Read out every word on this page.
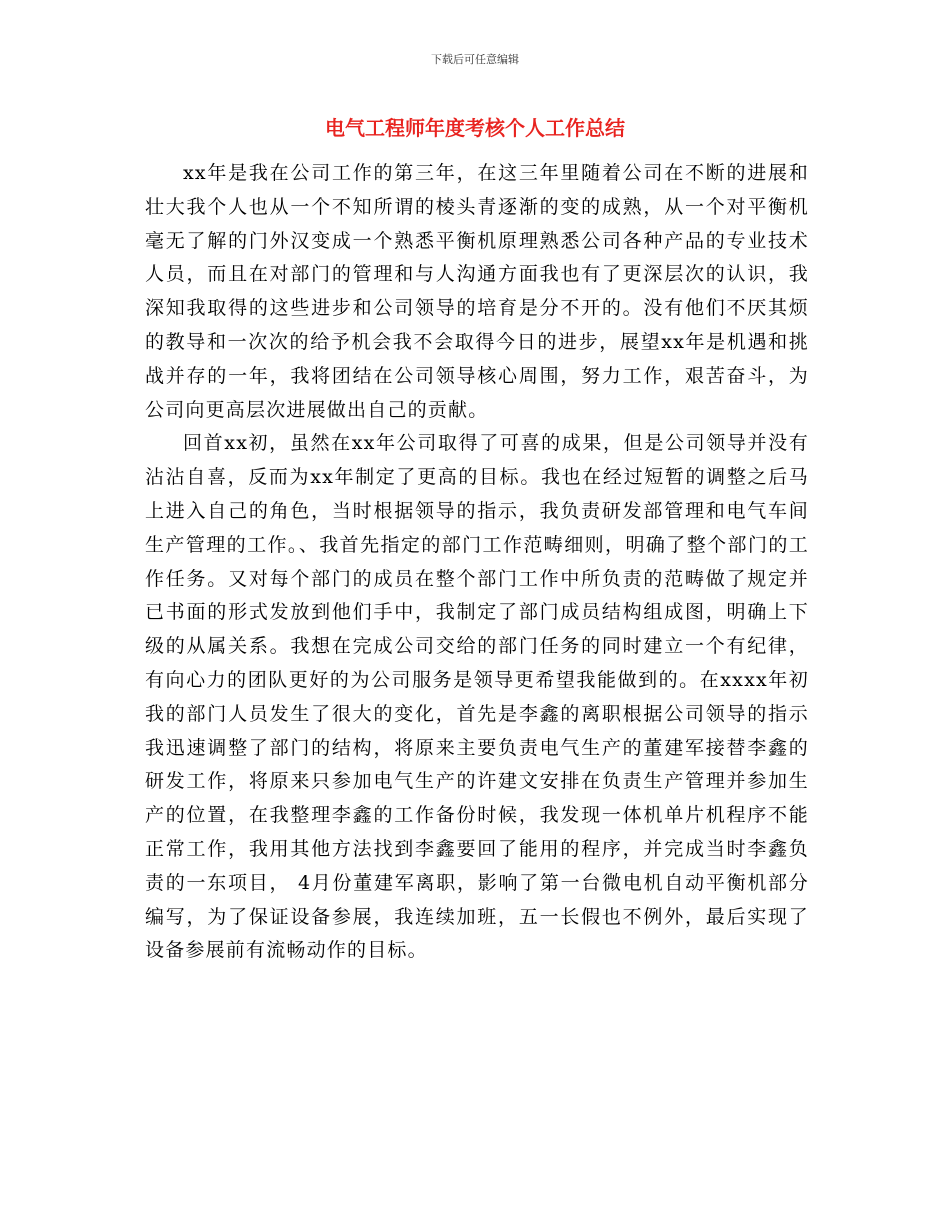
下载后可任意编辑
电气工程师年度考核个人工作总结

xx年是我在公司工作的第三年，在这三年里随着公司在不断的进展和壮大我个人也从一个不知所谓的棱头青逐渐的变的成熟，从一个对平衡机毫无了解的门外汉变成一个熟悉平衡机原理熟悉公司各种产品的专业技术人员，而且在对部门的管理和与人沟通方面我也有了更深层次的认识，我深知我取得的这些进步和公司领导的培育是分不开的。没有他们不厌其烦的教导和一次次的给予机会我不会取得今日的进步，展望xx年是机遇和挑战并存的一年，我将团结在公司领导核心周围，努力工作，艰苦奋斗，为公司向更高层次进展做出自己的贡献。

回首xx初，虽然在xx年公司取得了可喜的成果，但是公司领导并没有沾沾自喜，反而为xx年制定了更高的目标。我也在经过短暂的调整之后马上进入自己的角色，当时根据领导的指示，我负责研发部管理和电气车间生产管理的工作。、我首先指定的部门工作范畴细则，明确了整个部门的工作任务。又对每个部门的成员在整个部门工作中所负责的范畴做了规定并已书面的形式发放到他们手中，我制定了部门成员结构组成图，明确上下级的从属关系。我想在完成公司交给的部门任务的同时建立一个有纪律，有向心力的团队更好的为公司服务是领导更希望我能做到的。在xxxx年初我的部门人员发生了很大的变化，首先是李鑫的离职根据公司领导的指示我迅速调整了部门的结构，将原来主要负责电气生产的董建军接替李鑫的研发工作，将原来只参加电气生产的许建文安排在负责生产管理并参加生产的位置，在我整理李鑫的工作备份时候，我发现一体机单片机程序不能正常工作，我用其他方法找到李鑫要回了能用的程序，并完成当时李鑫负责的一东项目， 4月份董建军离职，影响了第一台微电机自动平衡机部分编写，为了保证设备参展，我连续加班，五一长假也不例外，最后实现了设备参展前有流畅动作的目标。
